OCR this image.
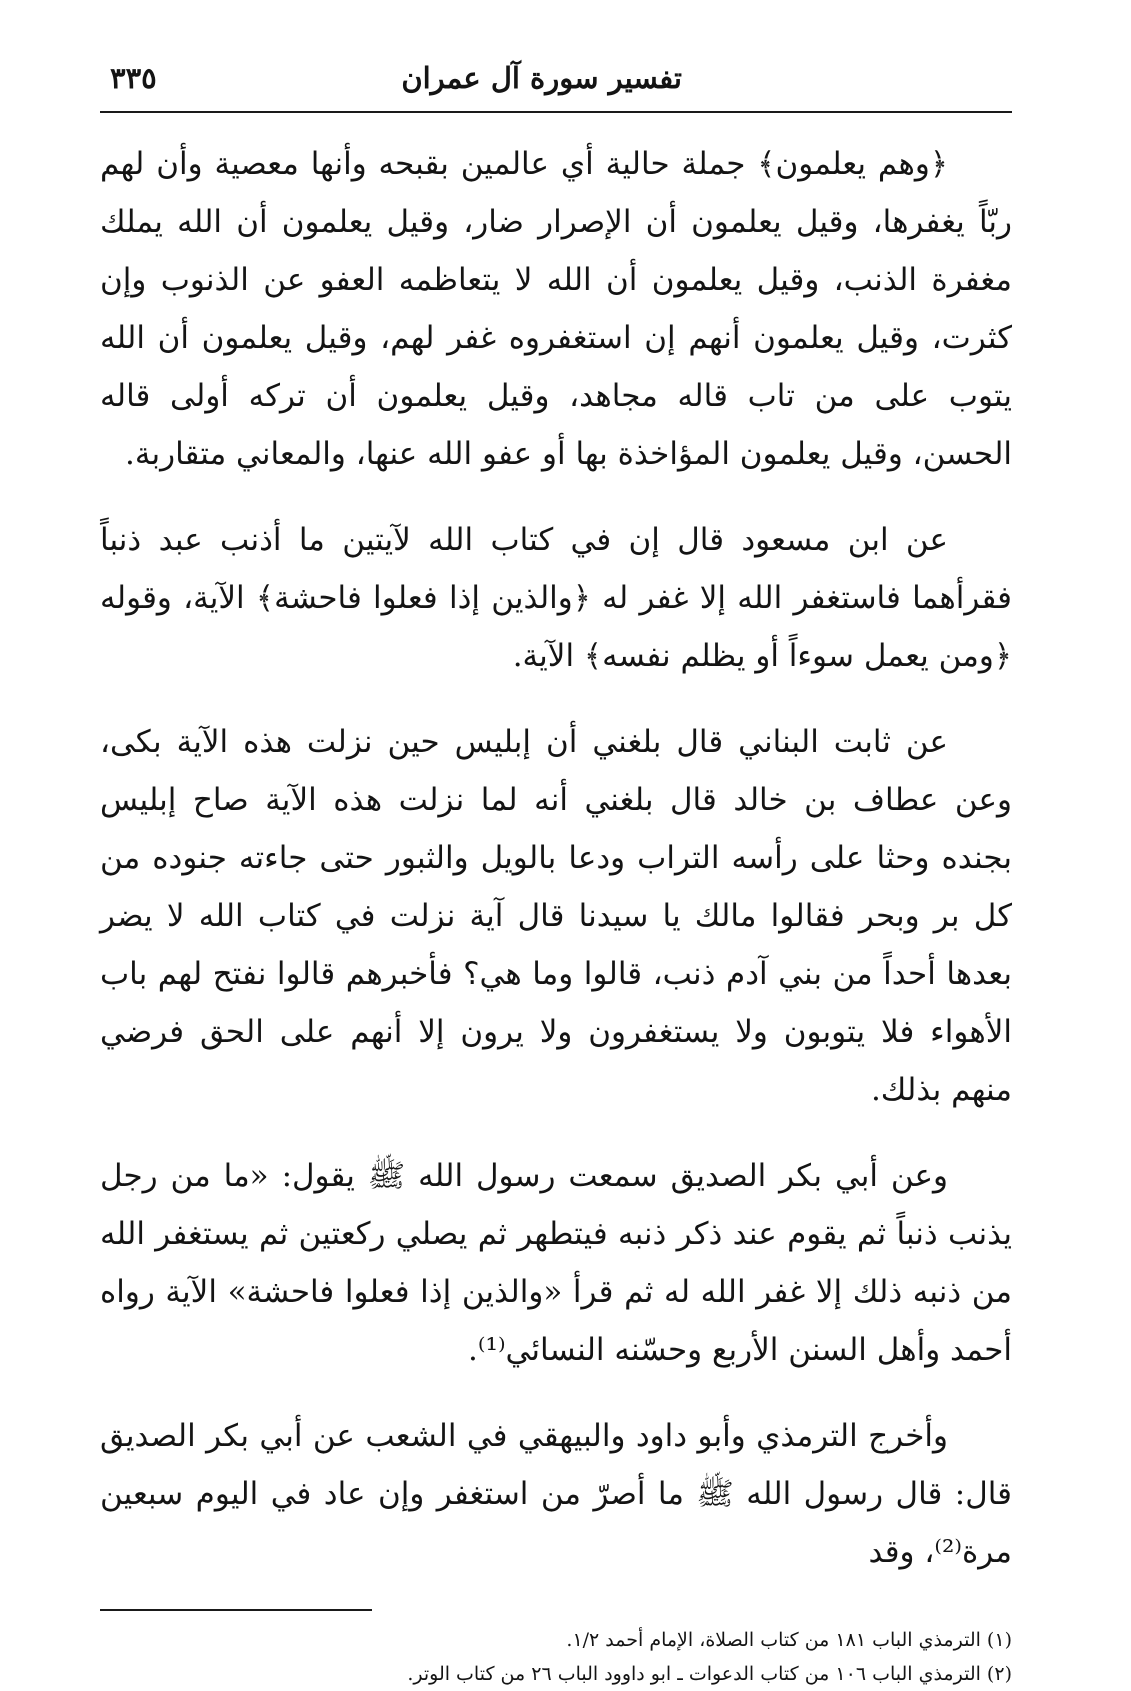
تفسير سورة آل عمران
٣٣٥

﴿وهم يعلمون﴾ جملة حالية أي عالمين بقبحه وأنها معصية وأن لهم ربّاً يغفرها، وقيل يعلمون أن الإصرار ضار، وقيل يعلمون أن الله يملك مغفرة الذنب، وقيل يعلمون أن الله لا يتعاظمه العفو عن الذنوب وإن كثرت، وقيل يعلمون أنهم إن استغفروه غفر لهم، وقيل يعلمون أن الله يتوب على من تاب قاله مجاهد، وقيل يعلمون أن تركه أولى قاله الحسن، وقيل يعلمون المؤاخذة بها أو عفو الله عنها، والمعاني متقاربة.

عن ابن مسعود قال إن في كتاب الله لآيتين ما أذنب عبد ذنباً فقرأهما فاستغفر الله إلا غفر له ﴿والذين إذا فعلوا فاحشة﴾ الآية، وقوله ﴿ومن يعمل سوءاً أو يظلم نفسه﴾ الآية.

عن ثابت البناني قال بلغني أن إبليس حين نزلت هذه الآية بكى، وعن عطاف بن خالد قال بلغني أنه لما نزلت هذه الآية صاح إبليس بجنده وحثا على رأسه التراب ودعا بالويل والثبور حتى جاءته جنوده من كل بر وبحر فقالوا مالك يا سيدنا قال آية نزلت في كتاب الله لا يضر بعدها أحداً من بني آدم ذنب، قالوا وما هي؟ فأخبرهم قالوا نفتح لهم باب الأهواء فلا يتوبون ولا يستغفرون ولا يرون إلا أنهم على الحق فرضي منهم بذلك.

وعن أبي بكر الصديق سمعت رسول الله ﷺ يقول: «ما من رجل يذنب ذنباً ثم يقوم عند ذكر ذنبه فيتطهر ثم يصلي ركعتين ثم يستغفر الله من ذنبه ذلك إلا غفر الله له ثم قرأ «والذين إذا فعلوا فاحشة» الآية رواه أحمد وأهل السنن الأربع وحسّنه النسائي⁽¹⁾.

وأخرج الترمذي وأبو داود والبيهقي في الشعب عن أبي بكر الصديق قال: قال رسول الله ﷺ ما أصرّ من استغفر وإن عاد في اليوم سبعين مرة⁽²⁾، وقد

(١) الترمذي الباب ١٨١ من كتاب الصلاة، الإمام أحمد ١/٢.

(٢) الترمذي الباب ١٠٦ من كتاب الدعوات ـ ابو داوود الباب ٢٦ من كتاب الوتر.
